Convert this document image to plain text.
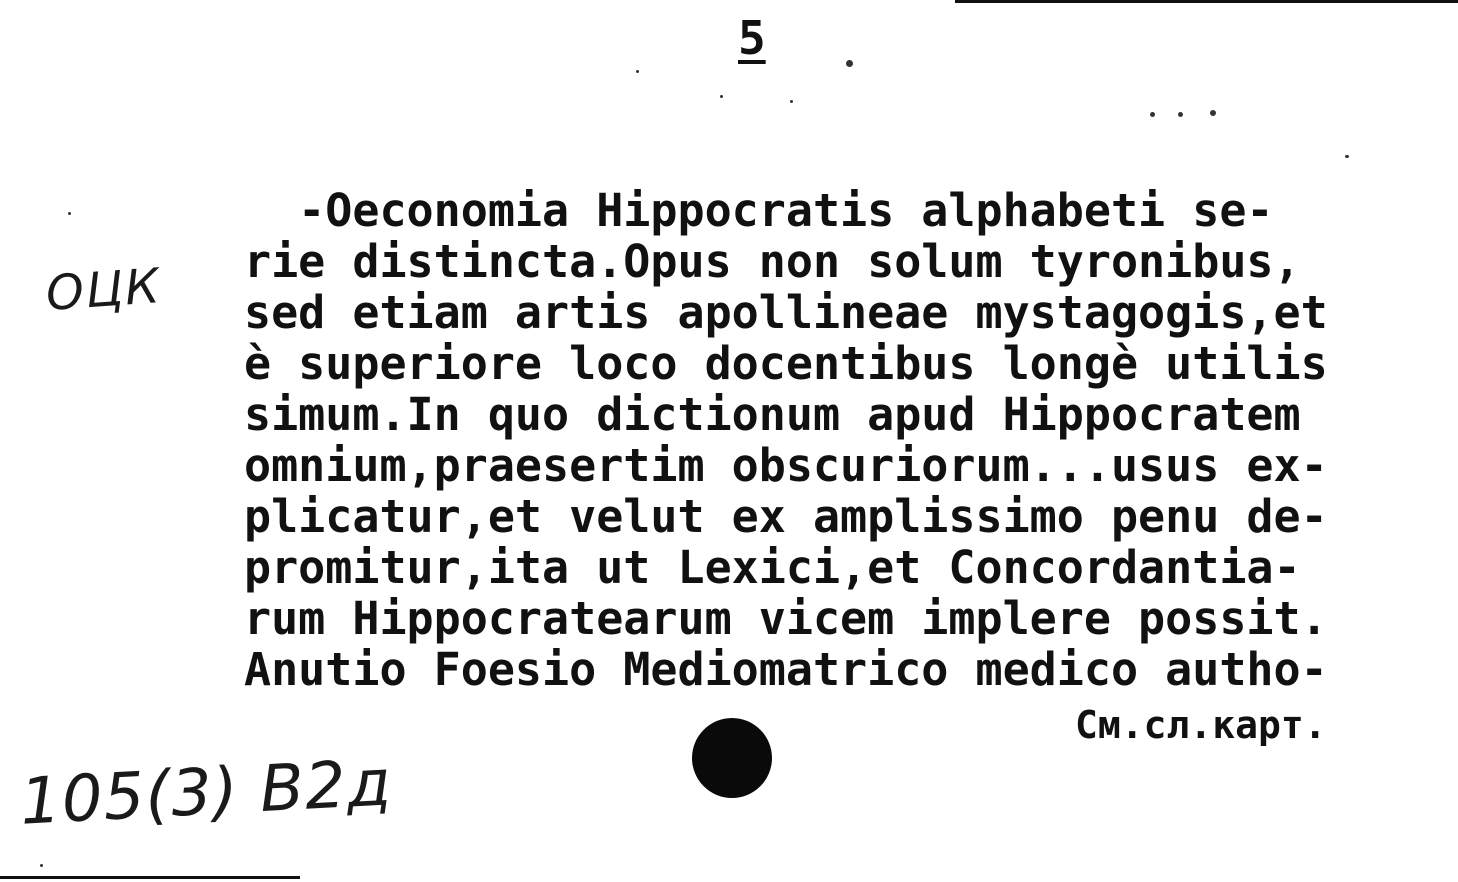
5
ОЦК
-Oeconomia Hippocratis alphabeti se-
rie distincta.Opus non solum tyronibus,
sed etiam artis apollineae mystagogis,et
è superiore loco docentibus longè utilis
simum.In quo dictionum apud Hippocratem
omnium,praesertim obscuriorum...usus ex-
plicatur,et velut ex amplissimo penu de-
promitur,ita ut Lexici,et Concordantia-
rum Hippocratearum vicem implere possit.
Anutio Foesio Mediomatrico medico autho-
См.сл.карт.
105(3) В2д
